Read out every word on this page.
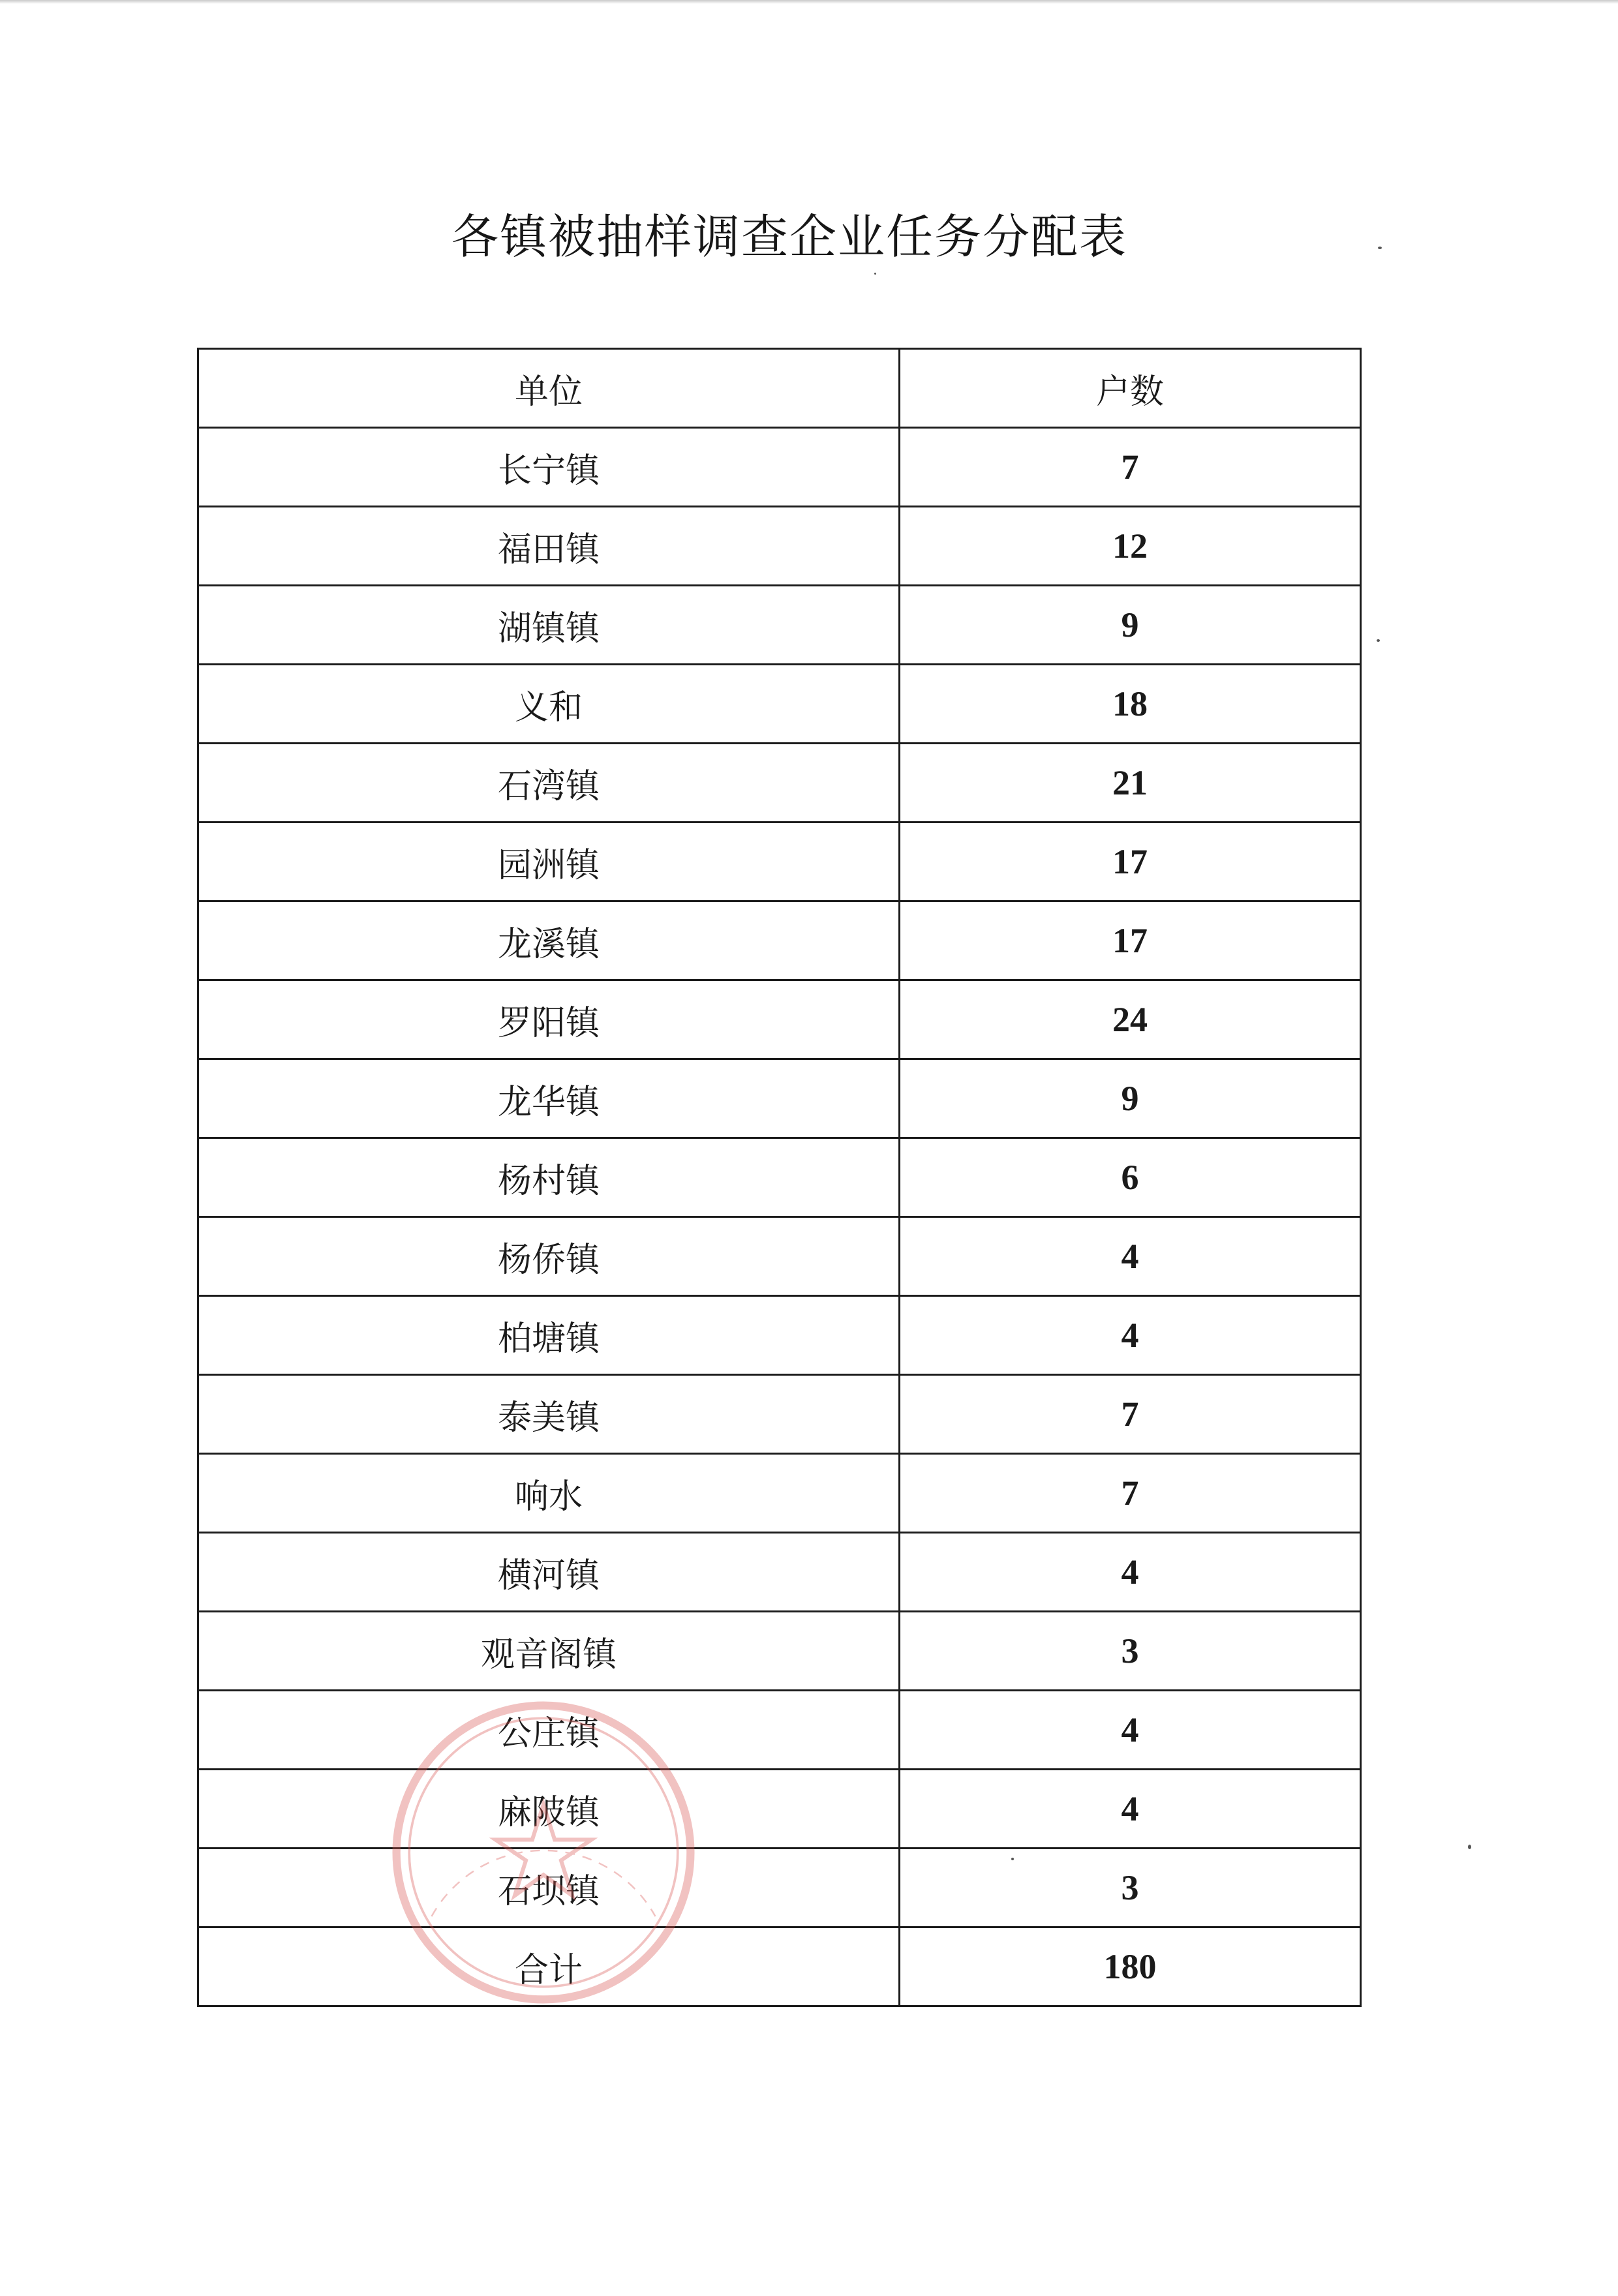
各镇被抽样调查企业任务分配表
单位	户数
长宁镇	7
福田镇	12
湖镇镇	9
义和	18
石湾镇	21
园洲镇	17
龙溪镇	17
罗阳镇	24
龙华镇	9
杨村镇	6
杨侨镇	4
柏塘镇	4
泰美镇	7
响水	7
横河镇	4
观音阁镇	3
公庄镇	4
麻陂镇	4
石坝镇	3
合计	180
